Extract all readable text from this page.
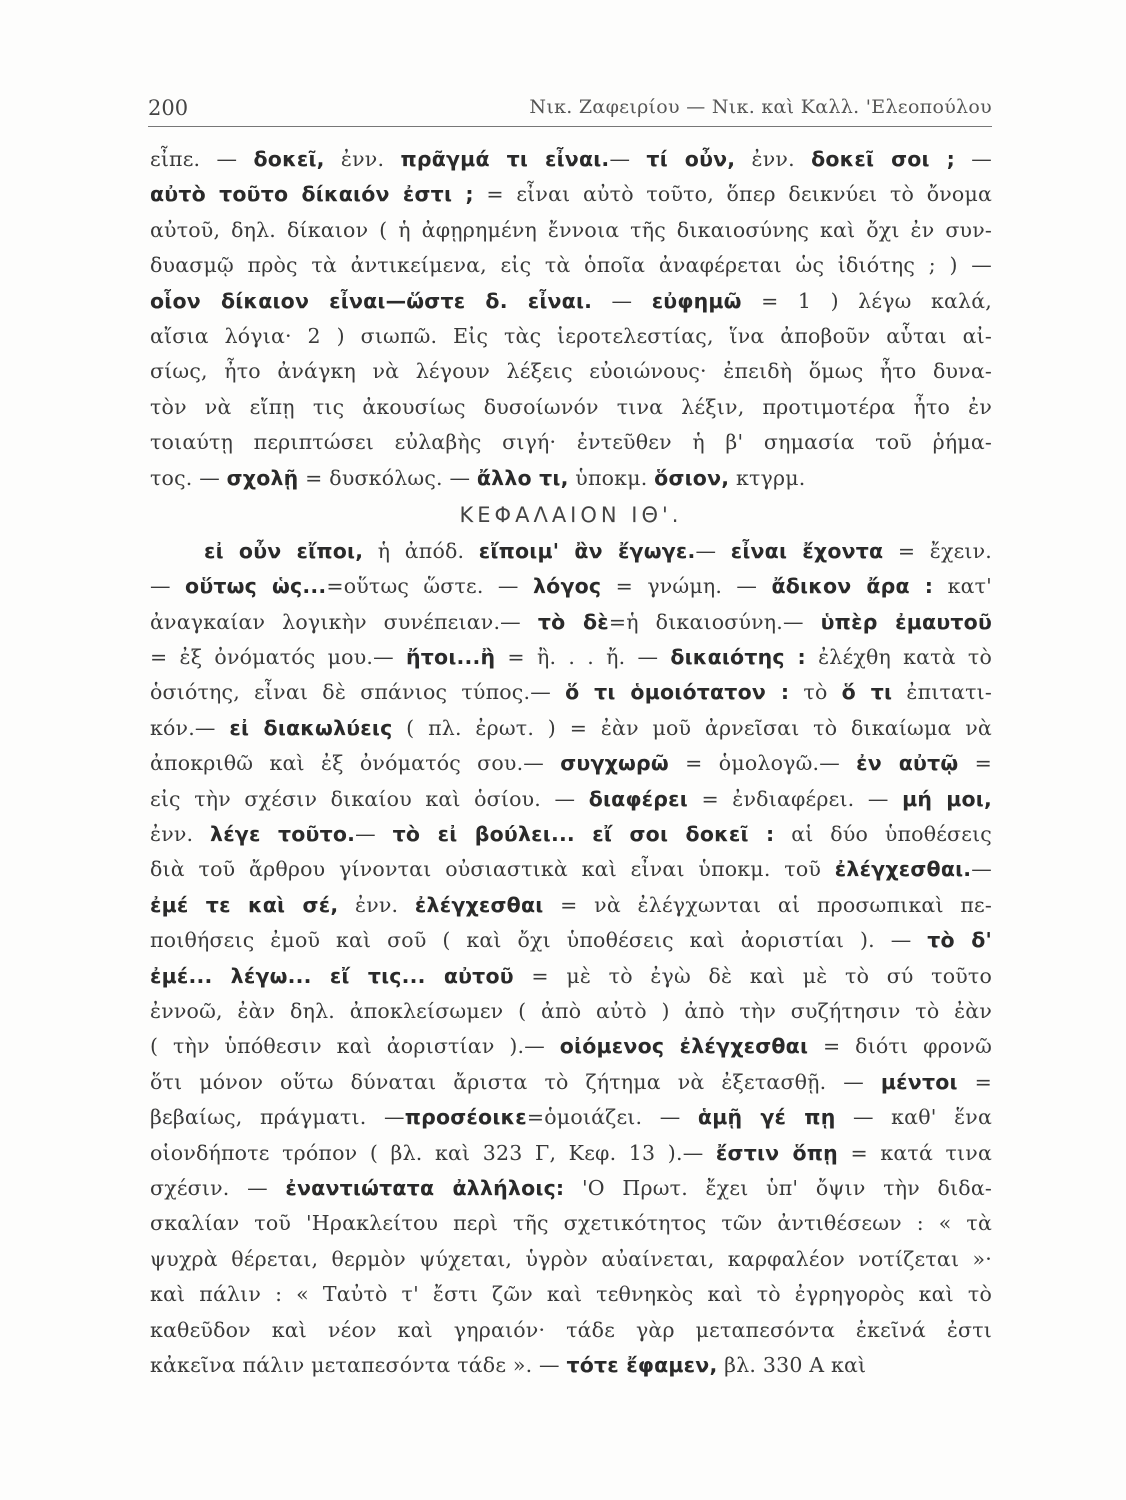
200	Νικ. Ζαφειρίου — Νικ. καὶ Καλλ. 'Ελεοπούλου
εἶπε. — δοκεῖ, ἐνν. πρᾶγμά τι εἶναι.— τί οὖν, ἐνν. δοκεῖ σοι ; —
αὐτὸ τοῦτο δίκαιόν ἐστι ; = εἶναι αὐτὸ τοῦτο, ὅπερ δεικνύει τὸ ὄνομα
αὐτοῦ, δηλ. δίκαιον ( ἡ ἀφῃρημένη ἔννοια τῆς δικαιοσύνης καὶ ὄχι ἐν συν-
δυασμῷ πρὸς τὰ ἀντικείμενα, εἰς τὰ ὁποῖα ἀναφέρεται ὡς ἰδιότης ; ) —
οἷον δίκαιον εἶναι—ὥστε δ. εἶναι. — εὐφημῶ = 1 ) λέγω καλά,
αἴσια λόγια· 2 ) σιωπῶ. Εἰς τὰς ἱεροτελεστίας, ἵνα ἀποβοῦν αὗται αἰ-
σίως, ἦτο ἀνάγκη νὰ λέγουν λέξεις εὐοιώνους· ἐπειδὴ ὅμως ἦτο δυνα-
τὸν νὰ εἴπῃ τις ἀκουσίως δυσοίωνόν τινα λέξιν, προτιμοτέρα ἦτο ἐν
τοιαύτῃ περιπτώσει εὐλαβὴς σιγή· ἐντεῦθεν ἡ β' σημασία τοῦ ῥήμα-
τος. — σχολῇ = δυσκόλως. — ἄλλο τι, ὑποκμ. ὅσιον, κτγρμ.
ΚΕΦΑΛΑΙΟΝ ΙΘ'.
εἰ οὖν εἴποι, ἡ ἀπόδ. εἴποιμ' ἂν ἔγωγε.— εἶναι ἔχοντα = ἔχειν.
— οὕτως ὡς...=οὕτως ὥστε. — λόγος = γνώμη. — ἄδικον ἄρα : κατ'
ἀναγκαίαν λογικὴν συνέπειαν.— τὸ δὲ=ἡ δικαιοσύνη.— ὑπὲρ ἐμαυτοῦ
= ἐξ ὀνόματός μου.— ἤτοι...ἢ = ἢ. . . ἤ. — δικαιότης : ἐλέχθη κατὰ τὸ
ὁσιότης, εἶναι δὲ σπάνιος τύπος.— ὅ τι ὁμοιότατον : τὸ ὅ τι ἐπιτατι-
κόν.— εἰ διακωλύεις ( πλ. ἐρωτ. ) = ἐὰν μοῦ ἀρνεῖσαι τὸ δικαίωμα νὰ
ἀποκριθῶ καὶ ἐξ ὀνόματός σου.— συγχωρῶ = ὁμολογῶ.— ἐν αὐτῷ =
εἰς τὴν σχέσιν δικαίου καὶ ὁσίου. — διαφέρει = ἐνδιαφέρει. — μή μοι,
ἐνν. λέγε τοῦτο.— τὸ εἰ βούλει... εἴ σοι δοκεῖ : αἱ δύο ὑποθέσεις
διὰ τοῦ ἄρθρου γίνονται οὐσιαστικὰ καὶ εἶναι ὑποκμ. τοῦ ἐλέγχεσθαι.—
ἐμέ τε καὶ σέ, ἐνν. ἐλέγχεσθαι = νὰ ἐλέγχωνται αἱ προσωπικαὶ πε-
ποιθήσεις ἐμοῦ καὶ σοῦ ( καὶ ὄχι ὑποθέσεις καὶ ἀοριστίαι ). — τὸ δ'
ἐμέ... λέγω... εἴ τις... αὐτοῦ = μὲ τὸ ἐγὼ δὲ καὶ μὲ τὸ σύ τοῦτο
ἐννοῶ, ἐὰν δηλ. ἀποκλείσωμεν ( ἀπὸ αὐτὸ ) ἀπὸ τὴν συζήτησιν τὸ ἐὰν
( τὴν ὑπόθεσιν καὶ ἀοριστίαν ).— οἰόμενος ἐλέγχεσθαι = διότι φρονῶ
ὅτι μόνον οὕτω δύναται ἄριστα τὸ ζήτημα νὰ ἐξετασθῇ. — μέντοι =
βεβαίως, πράγματι. —προσέοικε=ὁμοιάζει. — ἁμῇ γέ πῃ — καθ' ἕνα
οἱονδήποτε τρόπον ( βλ. καὶ 323 Γ, Κεφ. 13 ).— ἔστιν ὅπῃ = κατά τινα
σχέσιν. — ἐναντιώτατα ἀλλήλοις: 'Ο Πρωτ. ἔχει ὑπ' ὄψιν τὴν διδα-
σκαλίαν τοῦ 'Ηρακλείτου περὶ τῆς σχετικότητος τῶν ἀντιθέσεων : « τὰ
ψυχρὰ θέρεται, θερμὸν ψύχεται, ὑγρὸν αὐαίνεται, καρφαλέον νοτίζεται »·
καὶ πάλιν : « Ταὐτὸ τ' ἔστι ζῶν καὶ τεθνηκὸς καὶ τὸ ἐγρηγορὸς καὶ τὸ
καθεῦδον καὶ νέον καὶ γηραιόν· τάδε γὰρ μεταπεσόντα ἐκεῖνά ἐστι
κἀκεῖνα πάλιν μεταπεσόντα τάδε ». — τότε ἔφαμεν, βλ. 330 Α καὶ
